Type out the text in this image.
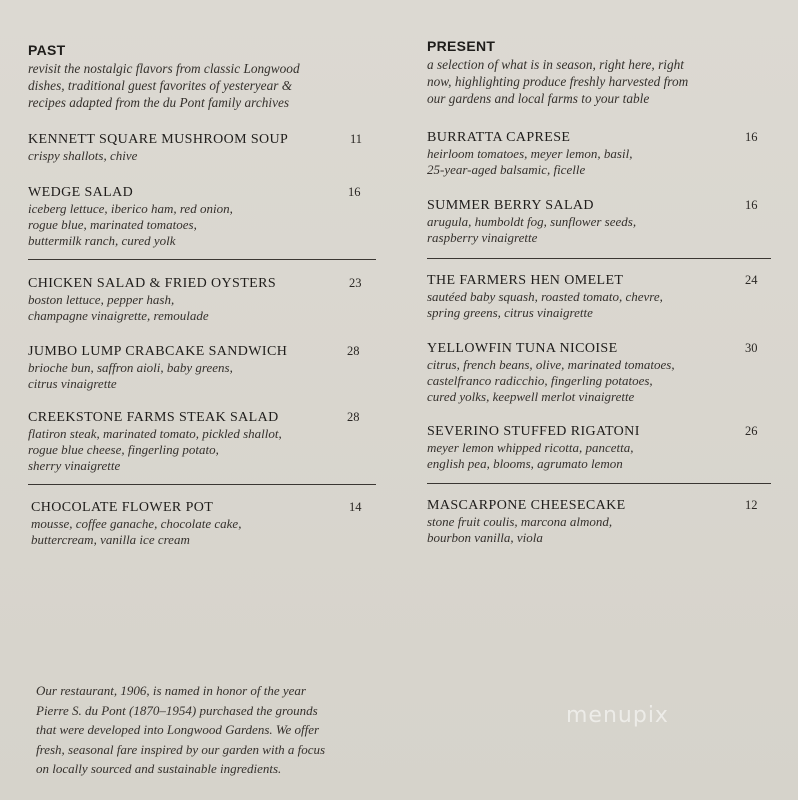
PAST
revisit the nostalgic flavors from classic Longwood
dishes, traditional guest favorites of yesteryear &
recipes adapted from the du Pont family archives
KENNETT SQUARE MUSHROOM SOUP	11
crispy shallots, chive
WEDGE SALAD	16
iceberg lettuce, iberico ham, red onion,
rogue blue, marinated tomatoes,
buttermilk ranch, cured yolk
CHICKEN SALAD & FRIED OYSTERS	23
boston lettuce, pepper hash,
champagne vinaigrette, remoulade
JUMBO LUMP CRABCAKE SANDWICH	28
brioche bun, saffron aioli, baby greens,
citrus vinaigrette
CREEKSTONE FARMS STEAK SALAD	28
flatiron steak, marinated tomato, pickled shallot,
rogue blue cheese, fingerling potato,
sherry vinaigrette
CHOCOLATE FLOWER POT	14
mousse, coffee ganache, chocolate cake,
buttercream, vanilla ice cream
PRESENT
a selection of what is in season, right here, right
now, highlighting produce freshly harvested from
our gardens and local farms to your table
BURRATTA CAPRESE	16
heirloom tomatoes, meyer lemon, basil,
25-year-aged balsamic, ficelle
SUMMER BERRY SALAD	16
arugula, humboldt fog, sunflower seeds,
raspberry vinaigrette
THE FARMERS HEN OMELET	24
sautéed baby squash, roasted tomato, chevre,
spring greens, citrus vinaigrette
YELLOWFIN TUNA NICOISE	30
citrus, french beans, olive, marinated tomatoes,
castelfranco radicchio, fingerling potatoes,
cured yolks, keepwell merlot vinaigrette
SEVERINO STUFFED RIGATONI	26
meyer lemon whipped ricotta, pancetta,
english pea, blooms, agrumato lemon
MASCARPONE CHEESECAKE	12
stone fruit coulis, marcona almond,
bourbon vanilla, viola
Our restaurant, 1906, is named in honor of the year
Pierre S. du Pont (1870–1954) purchased the grounds
that were developed into Longwood Gardens. We offer
fresh, seasonal fare inspired by our garden with a focus
on locally sourced and sustainable ingredients.
menupix
